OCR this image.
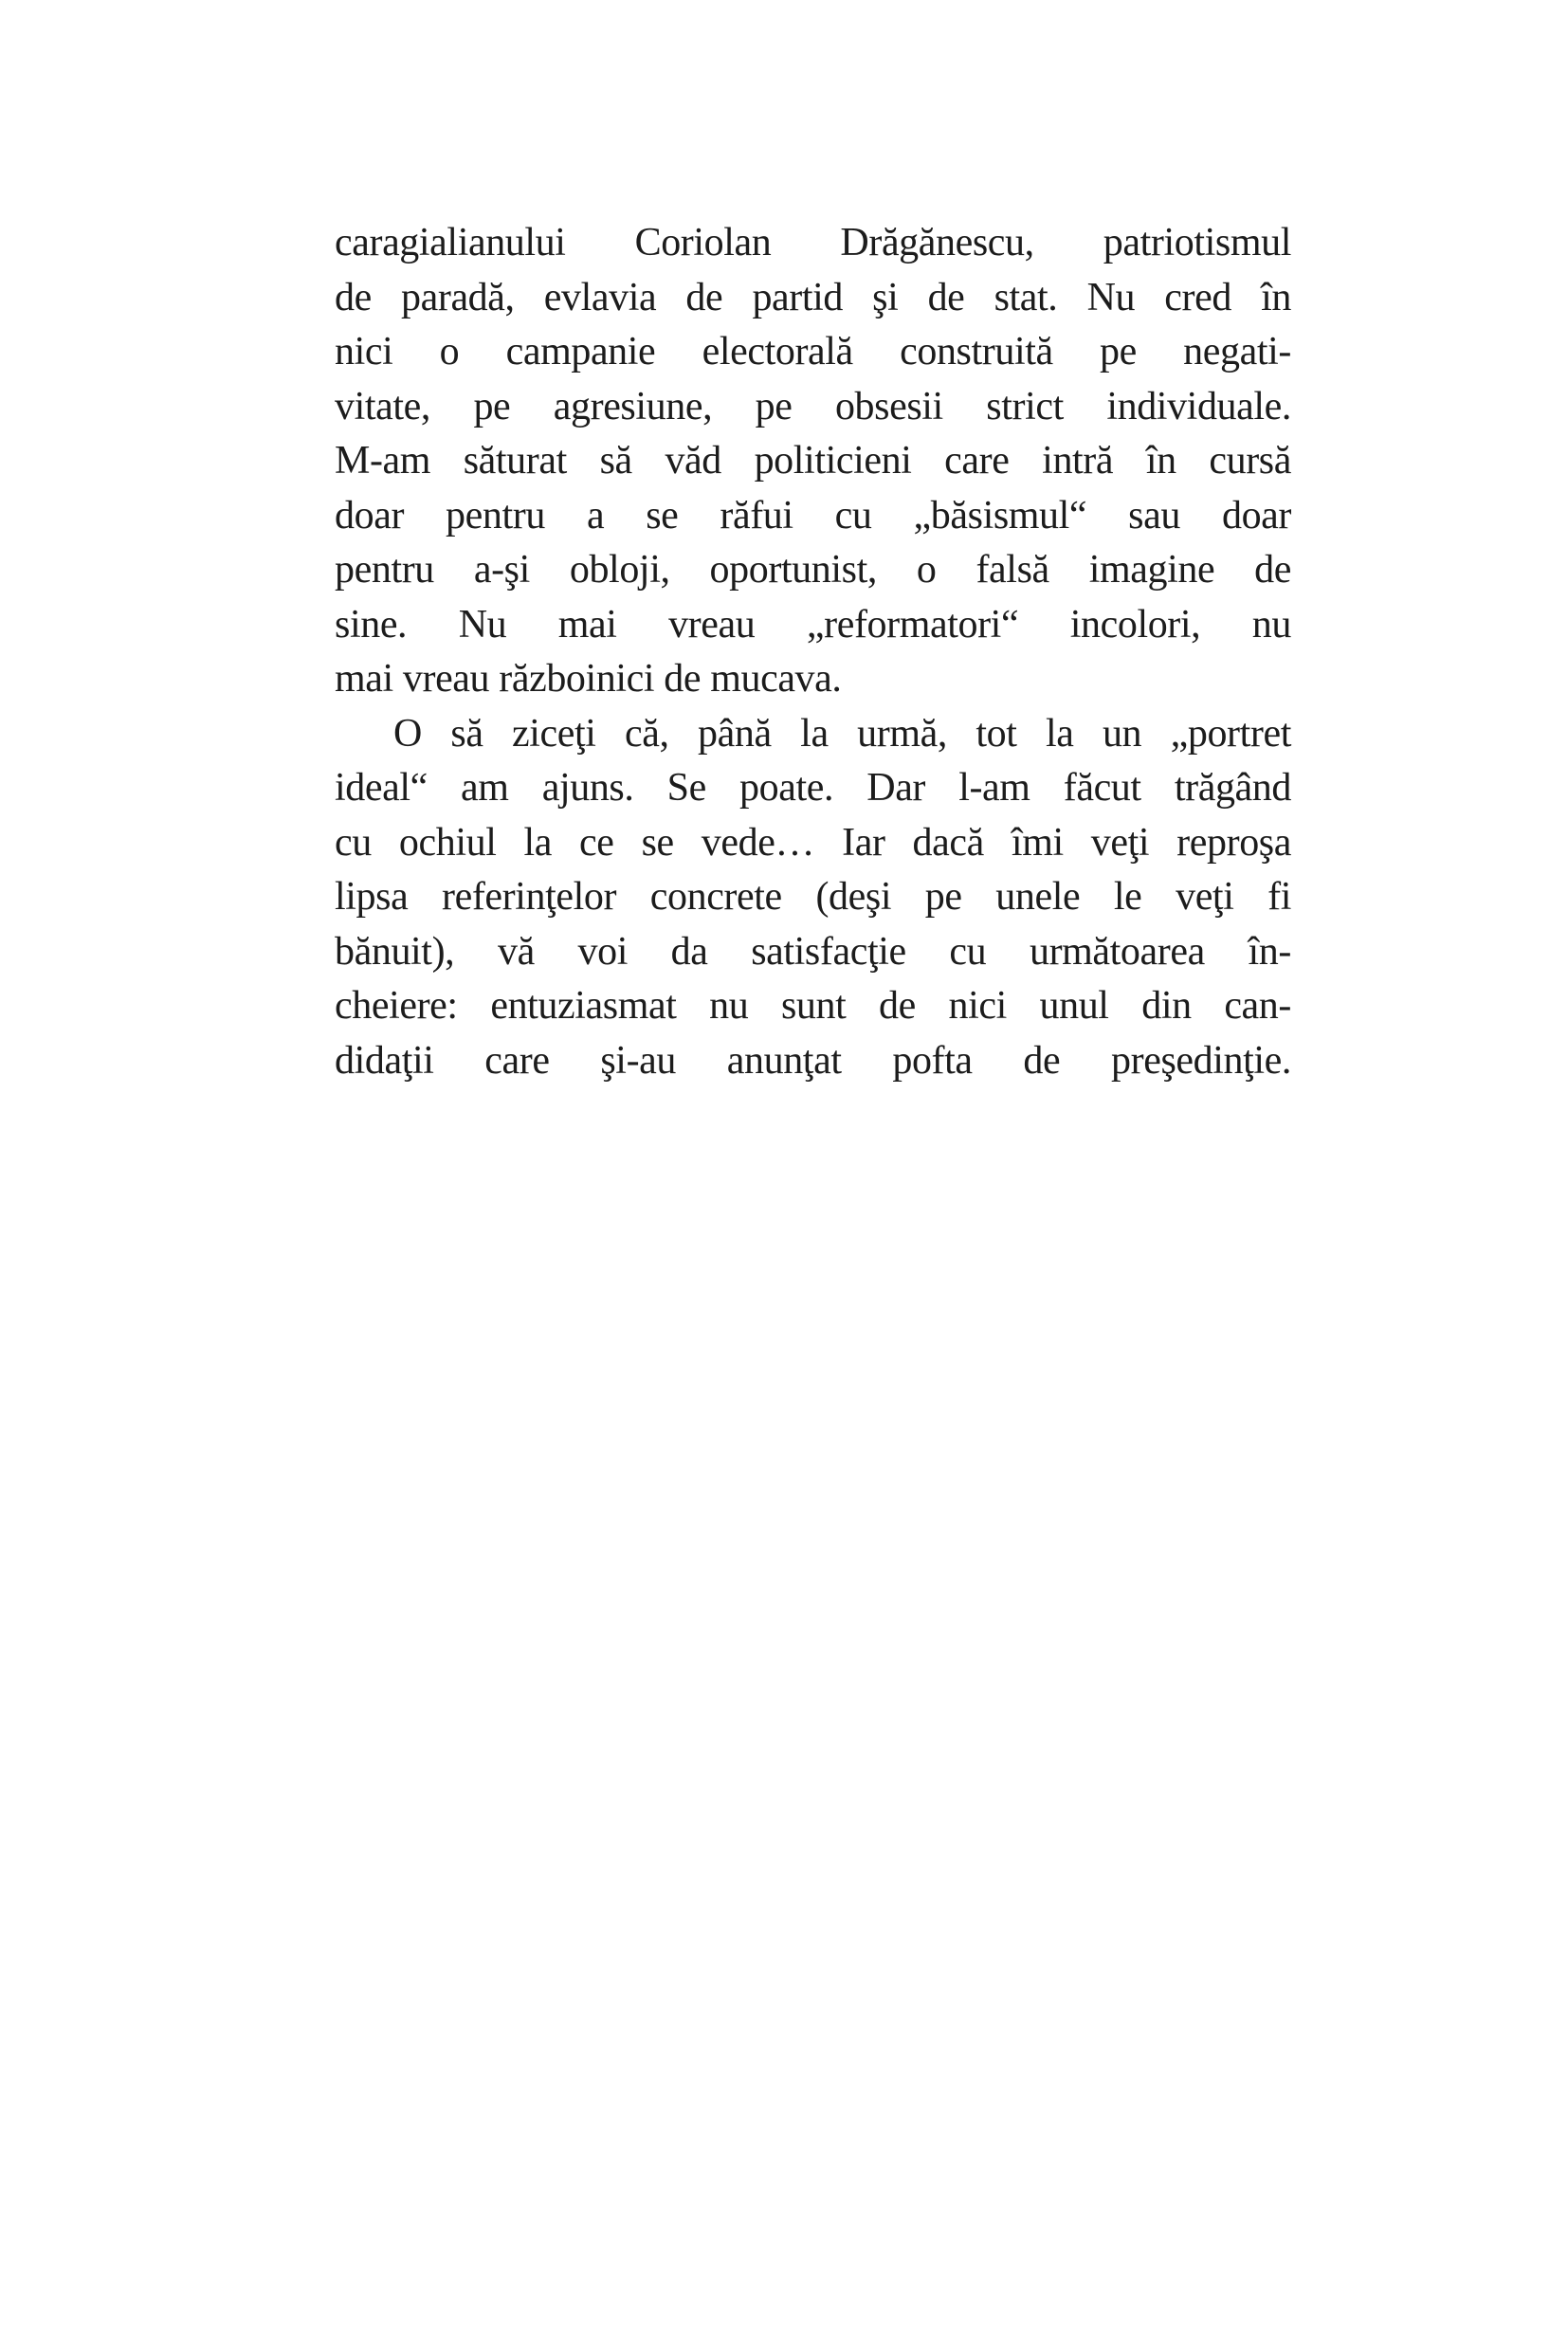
caragialianului Coriolan Drăgănescu, patriotismul
de paradă, evlavia de partid şi de stat. Nu cred în
nici o campanie electorală construită pe negati-
vitate, pe agresiune, pe obsesii strict individuale.
M-am săturat să văd politicieni care intră în cursă
doar pentru a se răfui cu „băsismul“ sau doar
pentru a-şi obloji, oportunist, o falsă imagine de
sine. Nu mai vreau „reformatori“ incolori, nu
mai vreau războinici de mucava.
O să ziceţi că, până la urmă, tot la un „portret
ideal“ am ajuns. Se poate. Dar l-am făcut trăgând
cu ochiul la ce se vede… Iar dacă îmi veţi reproşa
lipsa referinţelor concrete (deşi pe unele le veţi fi
bănuit), vă voi da satisfacţie cu următoarea în-
cheiere: entuziasmat nu sunt de nici unul din can-
didaţii care şi-au anunţat pofta de preşedinţie.
